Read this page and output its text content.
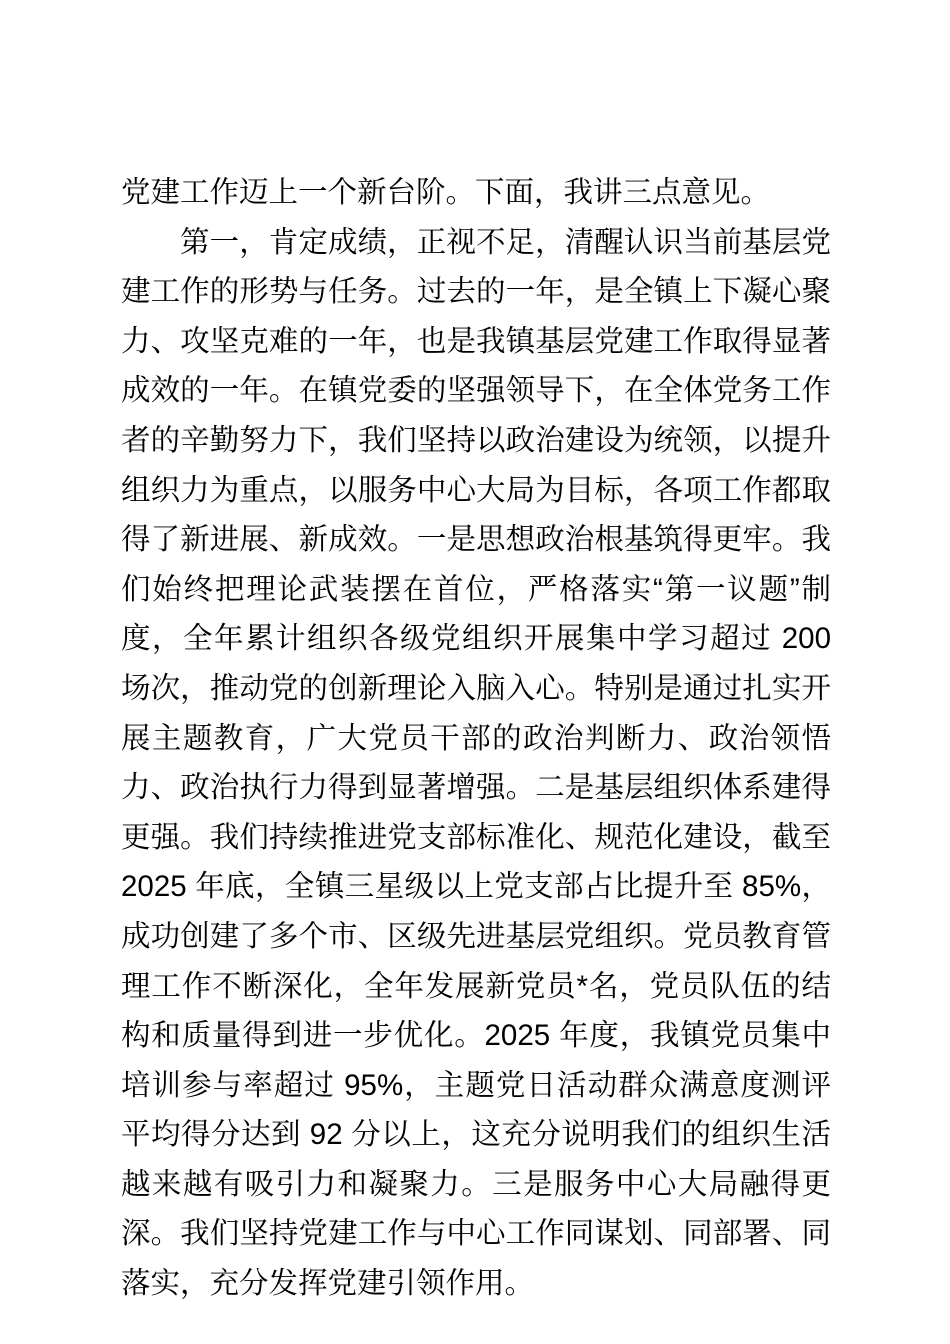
党建工作迈上一个新台阶。下面，我讲三点意见。

第一，肯定成绩，正视不足，清醒认识当前基层党建工作的形势与任务。过去的一年，是全镇上下凝心聚力、攻坚克难的一年，也是我镇基层党建工作取得显著成效的一年。在镇党委的坚强领导下，在全体党务工作者的辛勤努力下，我们坚持以政治建设为统领，以提升组织力为重点，以服务中心大局为目标，各项工作都取得了新进展、新成效。一是思想政治根基筑得更牢。我们始终把理论武装摆在首位，严格落实“第一议题”制度，全年累计组织各级党组织开展集中学习超过 200 场次，推动党的创新理论入脑入心。特别是通过扎实开展主题教育，广大党员干部的政治判断力、政治领悟力、政治执行力得到显著增强。二是基层组织体系建得更强。我们持续推进党支部标准化、规范化建设，截至 2025 年底，全镇三星级以上党支部占比提升至 85%，成功创建了多个市、区级先进基层党组织。党员教育管理工作不断深化，全年发展新党员*名，党员队伍的结构和质量得到进一步优化。2025 年度，我镇党员集中培训参与率超过 95%，主题党日活动群众满意度测评平均得分达到 92 分以上，这充分说明我们的组织生活越来越有吸引力和凝聚力。三是服务中心大局融得更深。我们坚持党建工作与中心工作同谋划、同部署、同落实，充分发挥党建引领作用。
